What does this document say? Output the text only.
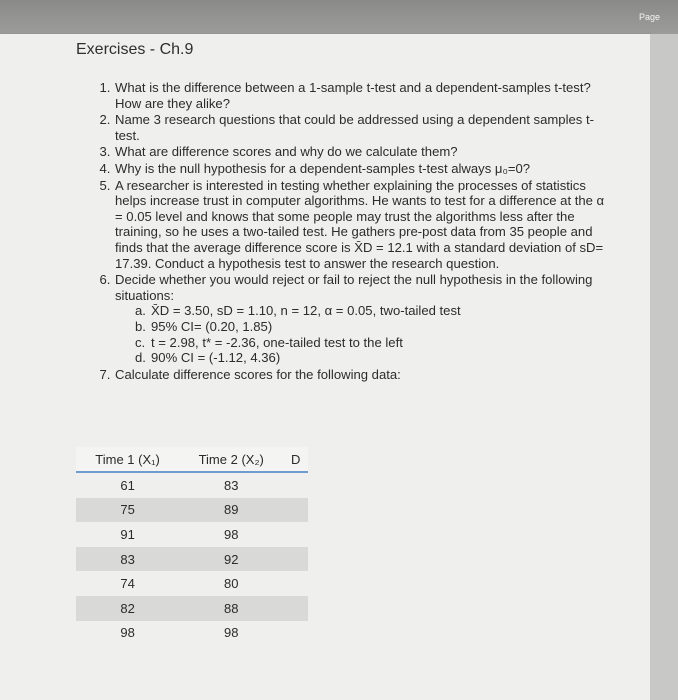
Page
Exercises - Ch.9
1. What is the difference between a 1-sample t-test and a dependent-samples t-test? How are they alike?
2. Name 3 research questions that could be addressed using a dependent samples t-test.
3. What are difference scores and why do we calculate them?
4. Why is the null hypothesis for a dependent-samples t-test always μ₀=0?
5. A researcher is interested in testing whether explaining the processes of statistics helps increase trust in computer algorithms. He wants to test for a difference at the α = 0.05 level and knows that some people may trust the algorithms less after the training, so he uses a two-tailed test. He gathers pre-post data from 35 people and finds that the average difference score is X̄D = 12.1 with a standard deviation of sD= 17.39. Conduct a hypothesis test to answer the research question.
6. Decide whether you would reject or fail to reject the null hypothesis in the following situations:
a. X̄D = 3.50, sD = 1.10, n = 12, α = 0.05, two-tailed test
b. 95% CI= (0.20, 1.85)
c. t = 2.98, t* = -2.36, one-tailed test to the left
d. 90% CI = (-1.12, 4.36)
7. Calculate difference scores for the following data:
Time 1 (X₁)	Time 2 (X₂)	D
61	83	
75	89	
91	98	
83	92	
74	80	
82	88	
98	98	
